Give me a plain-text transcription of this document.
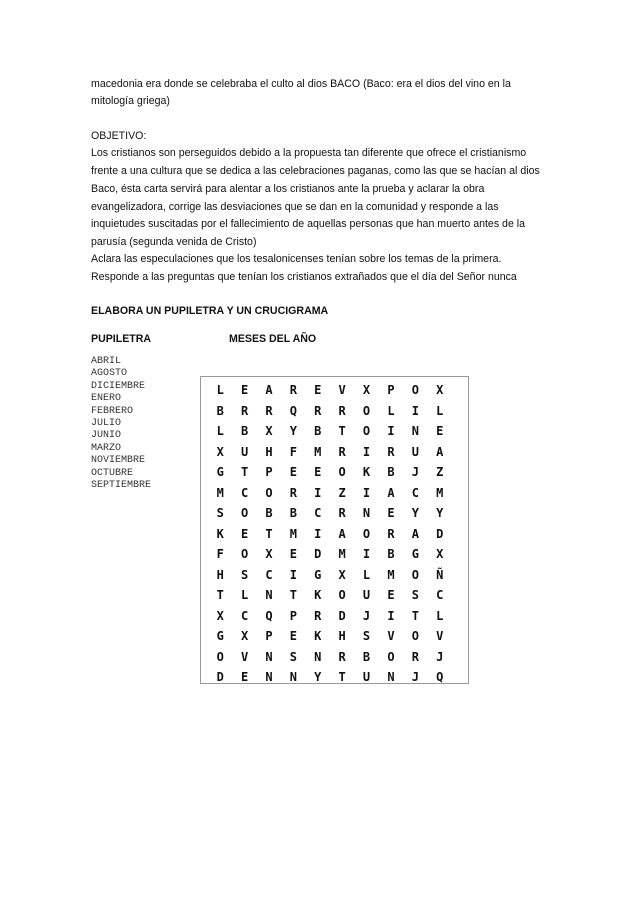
macedonia era donde se celebraba el culto al dios BACO (Baco: era el dios del vino en la
mitología griega)
OBJETIVO:
Los cristianos son perseguidos debido a la propuesta tan diferente que ofrece el cristianismo
frente a una cultura que se dedica a las celebraciones paganas, como las que se hacían al dios
Baco, ésta carta servirá para alentar a los cristianos ante la prueba y aclarar la obra
evangelizadora, corrige las desviaciones que se dan en la comunidad y responde a las
inquietudes suscitadas por el fallecimiento de aquellas personas que han muerto antes de la
parusía (segunda venida de Cristo)
Aclara las especulaciones que los tesalonicenses tenían sobre los temas de la primera.
Responde a las preguntas que tenían los cristianos extrañados que el día del Señor nunca
ELABORA UN PUPILETRA Y UN CRUCIGRAMA
PUPILETRA	MESES DEL AÑO
ABRIL
AGOSTO
DICIEMBRE
ENERO
FEBRERO
JULIO
JUNIO
MARZO
NOVIEMBRE
OCTUBRE
SEPTIEMBRE
L	E	A	R	E	V	X	P	O	X
B	R	R	Q	R	R	O	L	I	L
L	B	X	Y	B	T	O	I	N	E
X	U	H	F	M	R	I	R	U	A
G	T	P	E	E	O	K	B	J	Z
M	C	O	R	I	Z	I	A	C	M
S	O	B	B	C	R	N	E	Y	Y
K	E	T	M	I	A	O	R	A	D
F	O	X	E	D	M	I	B	G	X
H	S	C	I	G	X	L	M	O	Ñ
T	L	N	T	K	O	U	E	S	C
X	C	Q	P	R	D	J	I	T	L
G	X	P	E	K	H	S	V	O	V
O	V	N	S	N	R	B	O	R	J
D	E	N	N	Y	T	U	N	J	Q
